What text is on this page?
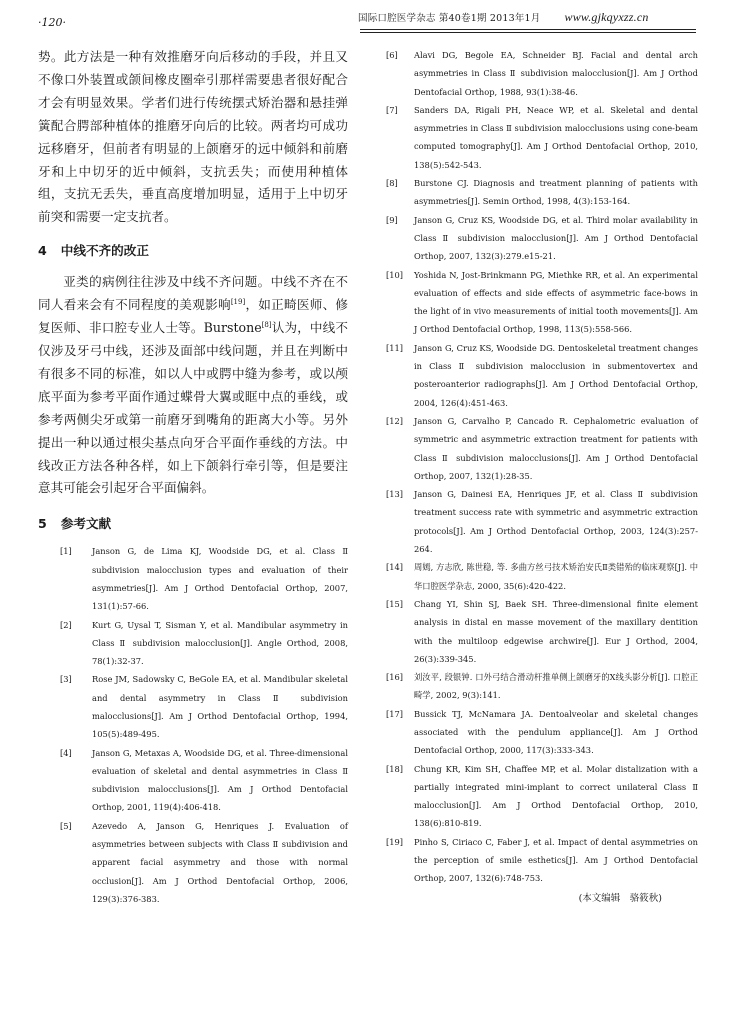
·120·	国际口腔医学杂志 第40卷1期 2013年1月 www.gjkqyxzz.cn

势。此方法是一种有效推磨牙向后移动的手段，并且又不像口外装置或颌间橡皮圈牵引那样需要患者很好配合才会有明显效果。学者们进行传统摆式矫治器和悬挂弹簧配合腭部种植体的推磨牙向后的比较。两者均可成功远移磨牙，但前者有明显的上颌磨牙的远中倾斜和前磨牙和上中切牙的近中倾斜，支抗丢失；而使用种植体组，支抗无丢失，垂直高度增加明显，适用于上中切牙前突和需要一定支抗者。

4 中线不齐的改正

亚类的病例往往涉及中线不齐问题。中线不齐在不同人看来会有不同程度的美观影响[19]，如正畸医师、修复医师、非口腔专业人士等。Burstone[8]认为，中线不仅涉及牙弓中线，还涉及面部中线问题，并且在判断中有很多不同的标准，如以人中或腭中缝为参考，或以颅底平面为参考平面作通过蝶骨大翼或眶中点的垂线，或参考两侧尖牙或第一前磨牙到嘴角的距离大小等。另外提出一种以通过根尖基点向牙合平面作垂线的方法。中线改正方法各种各样，如上下颌斜行牵引等，但是要注意其可能会引起牙合平面偏斜。

5 参考文献
[1]	Janson G, de Lima KJ, Woodside DG, et al. Class Ⅱ subdivision malocclusion types and evaluation of their asymmetries[J]. Am J Orthod Dentofacial Orthop, 2007, 131(1):57-66.
[2]	Kurt G, Uysal T, Sisman Y, et al. Mandibular asymmetry in Class Ⅱ subdivision malocclusion[J]. Angle Orthod, 2008, 78(1):32-37.
[3]	Rose JM, Sadowsky C, BeGole EA, et al. Mandibular skeletal and dental asymmetry in Class Ⅱ subdivision malocclusions[J]. Am J Orthod Dentofacial Orthop, 1994, 105(5):489-495.
[4]	Janson G, Metaxas A, Woodside DG, et al. Three-dimensional evaluation of skeletal and dental asymmetries in Class Ⅱ subdivision malocclusions[J]. Am J Orthod Dentofacial Orthop, 2001, 119(4):406-418.
[5]	Azevedo A, Janson G, Henriques J. Evaluation of asymmetries between subjects with Class Ⅱ subdivision and apparent facial asymmetry and those with normal occlusion[J]. Am J Orthod Dentofacial Orthop, 2006, 129(3):376-383.
[6]	Alavi DG, Begole EA, Schneider BJ. Facial and dental arch asymmetries in Class Ⅱ subdivision malocclusion[J]. Am J Orthod Dentofacial Orthop, 1988, 93(1):38-46.
[7]	Sanders DA, Rigali PH, Neace WP, et al. Skeletal and dental asymmetries in Class Ⅱ subdivision malocclusions using cone-beam computed tomography[J]. Am J Orthod Dentofacial Orthop, 2010, 138(5):542-543.
[8]	Burstone CJ. Diagnosis and treatment planning of patients with asymmetries[J]. Semin Orthod, 1998, 4(3):153-164.
[9]	Janson G, Cruz KS, Woodside DG, et al. Third molar availability in Class Ⅱ subdivision malocclusion[J]. Am J Orthod Dentofacial Orthop, 2007, 132(3):279.e15-21.
[10]	Yoshida N, Jost-Brinkmann PG, Miethke RR, et al. An experimental evaluation of effects and side effects of asymmetric face-bows in the light of in vivo measurements of initial tooth movements[J]. Am J Orthod Dentofacial Orthop, 1998, 113(5):558-566.
[11]	Janson G, Cruz KS, Woodside DG. Dentoskeletal treatment changes in Class Ⅱ subdivision malocclusion in submentovertex and posteroanterior radiographs[J]. Am J Orthod Dentofacial Orthop, 2004, 126(4):451-463.
[12]	Janson G, Carvalho P, Cancado R. Cephalometric evaluation of symmetric and asymmetric extraction treatment for patients with Class Ⅱ subdivision malocclusions[J]. Am J Orthod Dentofacial Orthop, 2007, 132(1):28-35.
[13]	Janson G, Dainesi EA, Henriques JF, et al. Class Ⅱ subdivision treatment success rate with symmetric and asymmetric extraction protocols[J]. Am J Orthod Dentofacial Orthop, 2003, 124(3):257-264.
[14]	周嫣, 方志欣, 陈世稳, 等. 多曲方丝弓技术矫治安氏Ⅱ类错殆的临床观察[J]. 中华口腔医学杂志, 2000, 35(6):420-422.
[15]	Chang YI, Shin SJ, Baek SH. Three-dimensional finite element analysis in distal en masse movement of the maxillary dentition with the multiloop edgewise archwire[J]. Eur J Orthod, 2004, 26(3):339-345.
[16]	刘汝平, 段银钟. 口外弓结合滑动杆推单侧上颌磨牙的X线头影分析[J]. 口腔正畸学, 2002, 9(3):141.
[17]	Bussick TJ, McNamara JA. Dentoalveolar and skeletal changes associated with the pendulum appliance[J]. Am J Orthod Dentofacial Orthop, 2000, 117(3):333-343.
[18]	Chung KR, Kim SH, Chaffee MP, et al. Molar distalization with a partially integrated mini-implant to correct unilateral Class Ⅱ malocclusion[J]. Am J Orthod Dentofacial Orthop, 2010, 138(6):810-819.
[19]	Pinho S, Ciriaco C, Faber J, et al. Impact of dental asymmetries on the perception of smile esthetics[J]. Am J Orthod Dentofacial Orthop, 2007, 132(6):748-753.
(本文编辑　骆筱秋)
